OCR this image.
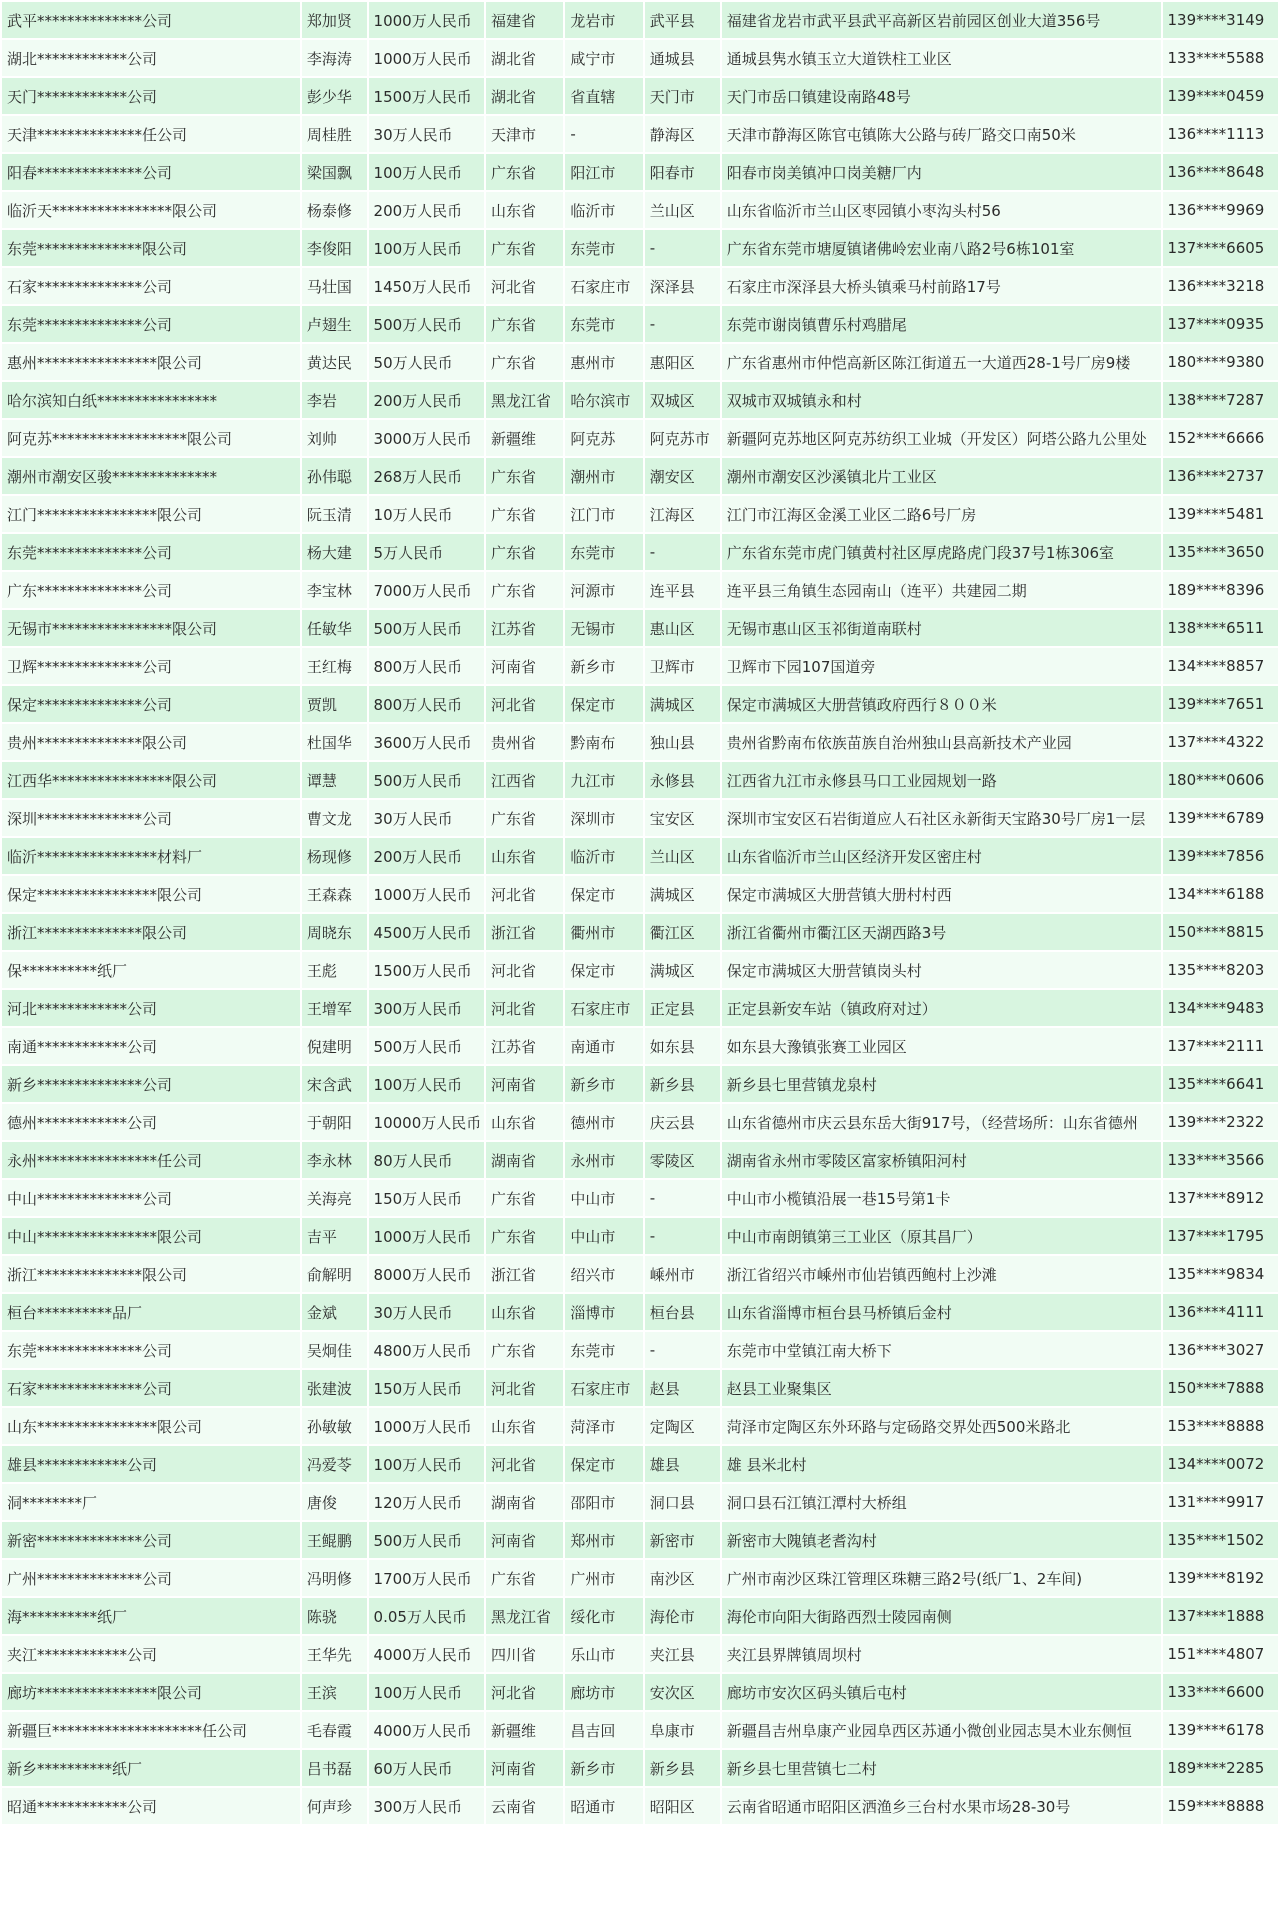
武平**************公司	郑加贤	1000万人民币	福建省	龙岩市	武平县	福建省龙岩市武平县武平高新区岩前园区创业大道356号	139****3149
湖北************公司	李海涛	1000万人民币	湖北省	咸宁市	通城县	通城县隽水镇玉立大道铁柱工业区	133****5588
天门************公司	彭少华	1500万人民币	湖北省	省直辖	天门市	天门市岳口镇建设南路48号	139****0459
天津**************任公司	周桂胜	30万人民币	天津市	-	静海区	天津市静海区陈官屯镇陈大公路与砖厂路交口南50米	136****1113
阳春**************公司	梁国飘	100万人民币	广东省	阳江市	阳春市	阳春市岗美镇冲口岗美糖厂内	136****8648
临沂天****************限公司	杨泰修	200万人民币	山东省	临沂市	兰山区	山东省临沂市兰山区枣园镇小枣沟头村56	136****9969
东莞**************限公司	李俊阳	100万人民币	广东省	东莞市	-	广东省东莞市塘厦镇诸佛岭宏业南八路2号6栋101室	137****6605
石家**************公司	马壮国	1450万人民币	河北省	石家庄市	深泽县	石家庄市深泽县大桥头镇乘马村前路17号	136****3218
东莞**************公司	卢翅生	500万人民币	广东省	东莞市	-	东莞市谢岗镇曹乐村鸡腊尾	137****0935
惠州****************限公司	黄达民	50万人民币	广东省	惠州市	惠阳区	广东省惠州市仲恺高新区陈江街道五一大道西28-1号厂房9楼	180****9380
哈尔滨知白纸****************	李岩	200万人民币	黑龙江省	哈尔滨市	双城区	双城市双城镇永和村	138****7287
阿克苏******************限公司	刘帅	3000万人民币	新疆维	阿克苏	阿克苏市	新疆阿克苏地区阿克苏纺织工业城（开发区）阿塔公路九公里处	152****6666
潮州市潮安区骏**************	孙伟聪	268万人民币	广东省	潮州市	潮安区	潮州市潮安区沙溪镇北片工业区	136****2737
江门****************限公司	阮玉清	10万人民币	广东省	江门市	江海区	江门市江海区金溪工业区二路6号厂房	139****5481
东莞**************公司	杨大建	5万人民币	广东省	东莞市	-	广东省东莞市虎门镇黄村社区厚虎路虎门段37号1栋306室	135****3650
广东**************公司	李宝林	7000万人民币	广东省	河源市	连平县	连平县三角镇生态园南山（连平）共建园二期	189****8396
无锡市****************限公司	任敏华	500万人民币	江苏省	无锡市	惠山区	无锡市惠山区玉祁街道南联村	138****6511
卫辉**************公司	王红梅	800万人民币	河南省	新乡市	卫辉市	卫辉市下园107国道旁	134****8857
保定**************公司	贾凯	800万人民币	河北省	保定市	满城区	保定市满城区大册营镇政府西行８００米	139****7651
贵州**************限公司	杜国华	3600万人民币	贵州省	黔南布	独山县	贵州省黔南布依族苗族自治州独山县高新技术产业园	137****4322
江西华****************限公司	谭慧	500万人民币	江西省	九江市	永修县	江西省九江市永修县马口工业园规划一路	180****0606
深圳**************公司	曹文龙	30万人民币	广东省	深圳市	宝安区	深圳市宝安区石岩街道应人石社区永新街天宝路30号厂房1一层	139****6789
临沂****************材料厂	杨现修	200万人民币	山东省	临沂市	兰山区	山东省临沂市兰山区经济开发区密庄村	139****7856
保定****************限公司	王森森	1000万人民币	河北省	保定市	满城区	保定市满城区大册营镇大册村村西	134****6188
浙江**************限公司	周晓东	4500万人民币	浙江省	衢州市	衢江区	浙江省衢州市衢江区天湖西路3号	150****8815
保**********纸厂	王彪	1500万人民币	河北省	保定市	满城区	保定市满城区大册营镇岗头村	135****8203
河北************公司	王增军	300万人民币	河北省	石家庄市	正定县	正定县新安车站（镇政府对过）	134****9483
南通************公司	倪建明	500万人民币	江苏省	南通市	如东县	如东县大豫镇张赛工业园区	137****2111
新乡**************公司	宋含武	100万人民币	河南省	新乡市	新乡县	新乡县七里营镇龙泉村	135****6641
德州************公司	于朝阳	10000万人民币	山东省	德州市	庆云县	山东省德州市庆云县东岳大街917号，（经营场所：山东省德州	139****2322
永州****************任公司	李永林	80万人民币	湖南省	永州市	零陵区	湖南省永州市零陵区富家桥镇阳河村	133****3566
中山**************公司	关海亮	150万人民币	广东省	中山市	-	中山市小榄镇沿展一巷15号第1卡	137****8912
中山****************限公司	吉平	1000万人民币	广东省	中山市	-	中山市南朗镇第三工业区（原其昌厂）	137****1795
浙江**************限公司	俞解明	8000万人民币	浙江省	绍兴市	嵊州市	浙江省绍兴市嵊州市仙岩镇西鲍村上沙滩	135****9834
桓台**********品厂	金斌	30万人民币	山东省	淄博市	桓台县	山东省淄博市桓台县马桥镇后金村	136****4111
东莞**************公司	吴炯佳	4800万人民币	广东省	东莞市	-	东莞市中堂镇江南大桥下	136****3027
石家**************公司	张建波	150万人民币	河北省	石家庄市	赵县	赵县工业聚集区	150****7888
山东****************限公司	孙敏敏	1000万人民币	山东省	菏泽市	定陶区	菏泽市定陶区东外环路与定砀路交界处西500米路北	153****8888
雄县************公司	冯爱苓	100万人民币	河北省	保定市	雄县	雄 县米北村	134****0072
洞********厂	唐俊	120万人民币	湖南省	邵阳市	洞口县	洞口县石江镇江潭村大桥组	131****9917
新密**************公司	王鲲鹏	500万人民币	河南省	郑州市	新密市	新密市大隗镇老耆沟村	135****1502
广州**************公司	冯明修	1700万人民币	广东省	广州市	南沙区	广州市南沙区珠江管理区珠糖三路2号(纸厂1、2车间)	139****8192
海**********纸厂	陈骁	0.05万人民币	黑龙江省	绥化市	海伦市	海伦市向阳大街路西烈士陵园南侧	137****1888
夹江************公司	王华先	4000万人民币	四川省	乐山市	夹江县	夹江县界牌镇周坝村	151****4807
廊坊****************限公司	王滨	100万人民币	河北省	廊坊市	安次区	廊坊市安次区码头镇后屯村	133****6600
新疆巨********************任公司	毛春霞	4000万人民币	新疆维	昌吉回	阜康市	新疆昌吉州阜康产业园阜西区苏通小微创业园志昊木业东侧恒	139****6178
新乡**********纸厂	吕书磊	60万人民币	河南省	新乡市	新乡县	新乡县七里营镇七二村	189****2285
昭通************公司	何声珍	300万人民币	云南省	昭通市	昭阳区	云南省昭通市昭阳区洒渔乡三台村水果市场28-30号	159****8888
